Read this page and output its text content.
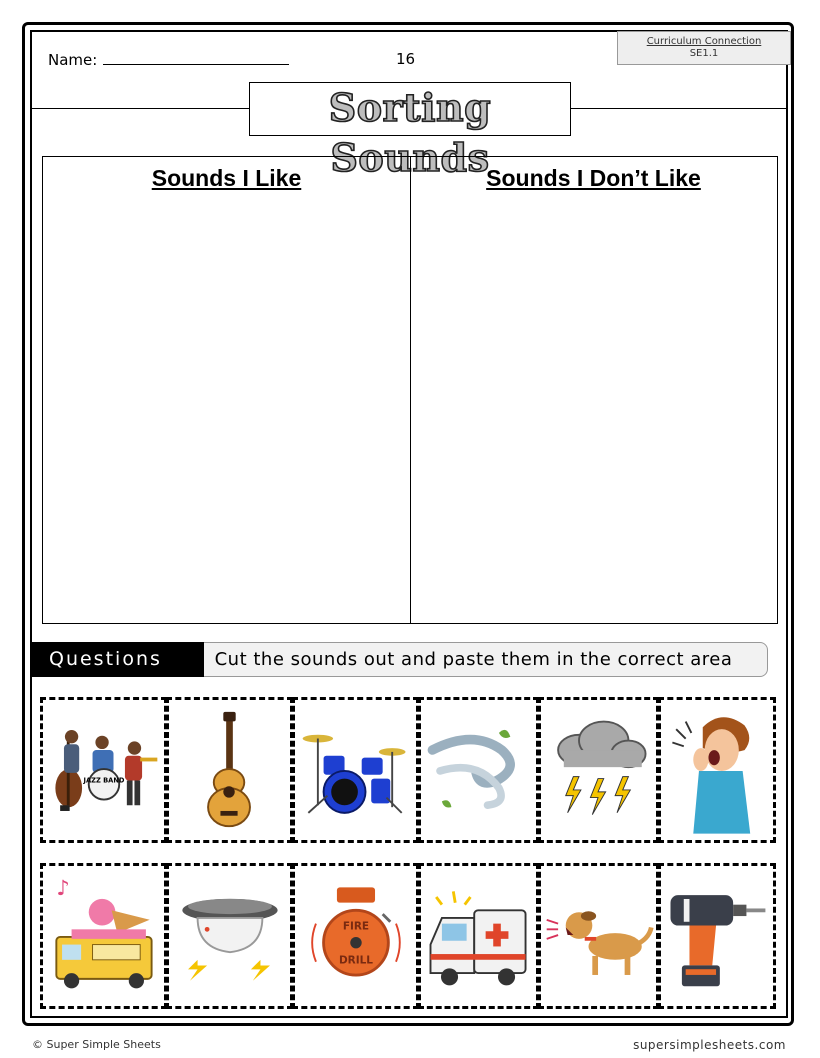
Name:	16
Curriculum Connection
SE1.1
Sorting Sounds
Sounds I Like	Sounds I Don’t Like
Cut the sounds out and paste them in the correct area
Questions
JAZZ BAND
♪
FIRE
DRILL
© Super Simple Sheets	supersimplesheets.com
